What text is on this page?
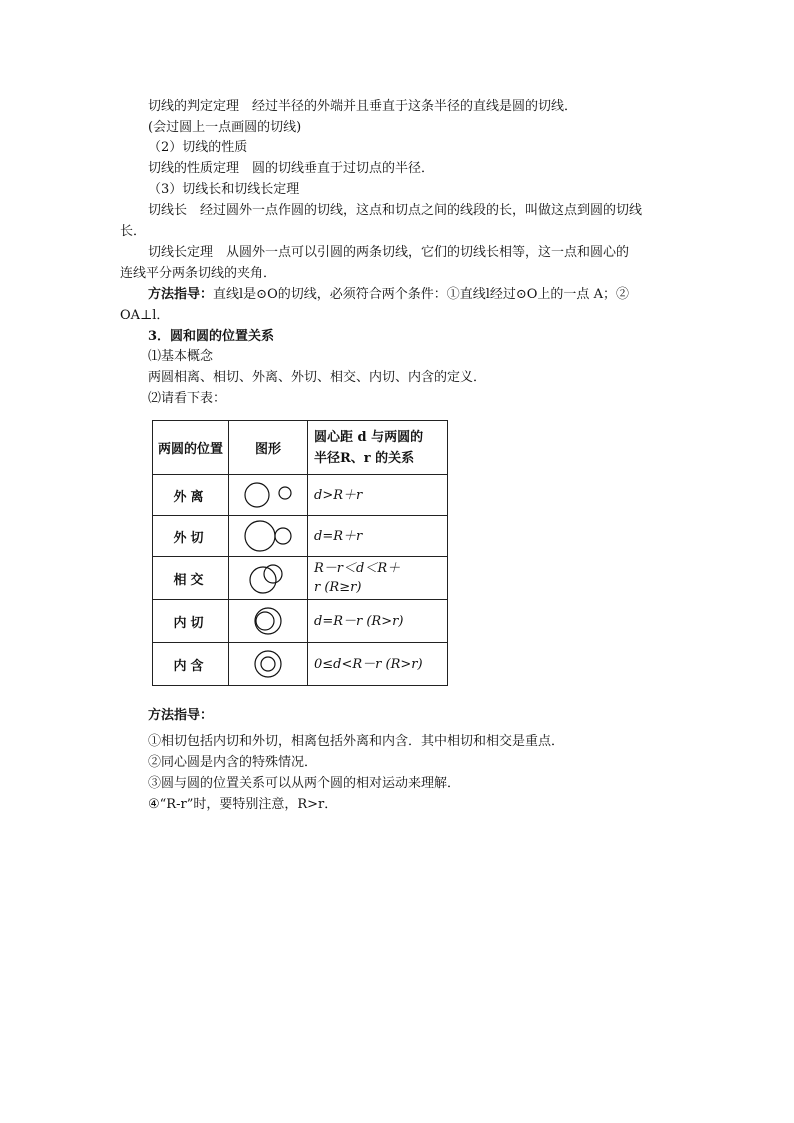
切线的判定定理　经过半径的外端并且垂直于这条半径的直线是圆的切线．
(会过圆上一点画圆的切线)
（2）切线的性质
切线的性质定理　圆的切线垂直于过切点的半径．
（3）切线长和切线长定理
切线长　经过圆外一点作圆的切线，这点和切点之间的线段的长，叫做这点到圆的切线
长．
切线长定理　从圆外一点可以引圆的两条切线，它们的切线长相等，这一点和圆心的
连线平分两条切线的夹角．
方法指导：直线l是⊙O的切线，必须符合两个条件：①直线l经过⊙O上的一点 A；②
OA⊥l．
3．圆和圆的位置关系
⑴基本概念
两圆相离、相切、外离、外切、相交、内切、内含的定义．
⑵请看下表：
两圆的位置	图形	圆心距 d 与两圆的
半径R、r 的关系

外离		d>R＋r
外切		d=R＋r
相交		R－r＜d＜R＋
r (R≥r)

内切		d=R－r (R>r)
内含		0≤d<R－r (R>r)
方法指导：
①相切包括内切和外切，相离包括外离和内含．其中相切和相交是重点．
②同心圆是内含的特殊情况．
③圆与圆的位置关系可以从两个圆的相对运动来理解．
④“R-r”时，要特别注意，R>r．
